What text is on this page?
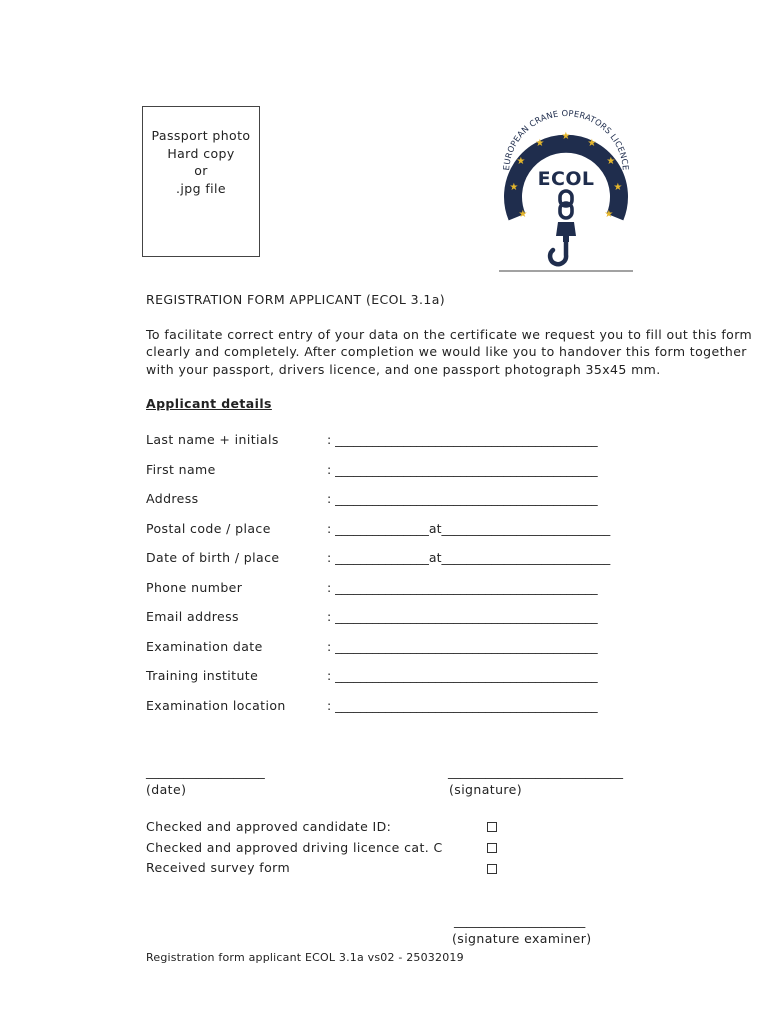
Passport photo
Hard copy
or
.jpg file
EUROPEAN CRANE OPERATORS LICENCE
★
★
★
★
★
★
★
★
★
ECOL
REGISTRATION FORM APPLICANT (ECOL 3.1a)
To facilitate correct entry of your data on the certificate we request you to fill out this form
clearly and completely. After completion we would like you to handover this form together
with your passport, drivers licence, and one passport photograph 35x45 mm.
Applicant details
Last name + initials	: __________________________________________
First name	: __________________________________________
Address	: __________________________________________
Postal code / place	: _______________at___________________________
Date of birth / place	: _______________at___________________________
Phone number	: __________________________________________
Email address	: __________________________________________
Examination date	: __________________________________________
Training institute	: __________________________________________
Examination location	: __________________________________________
___________________
(date)
____________________________
(signature)
Checked and approved candidate ID:
Checked and approved driving licence cat. C
Received survey form
_____________________
(signature examiner)
Registration form applicant ECOL 3.1a vs02 - 25032019
